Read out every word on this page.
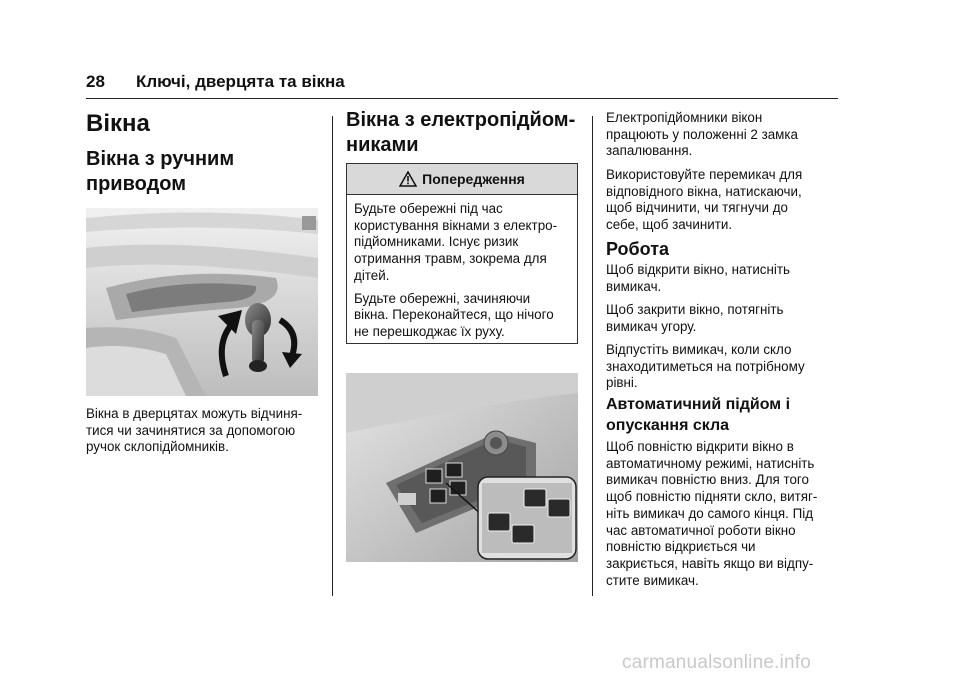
28 Ключі, дверцята та вікна
Вікна
Вікна з ручним
приводом

Вікна в дверцятах можуть відчиня-
тися чи зачинятися за допомогою
ручок склопідйомників.

Вікна з електропідйом-
никами
Попередження

Будьте обережні під час
користування вікнами з електро-
підйомниками. Існує ризик
отримання травм, зокрема для
дітей.

Будьте обережні, зачиняючи
вікна. Переконайтеся, що нічого
не перешкоджає їх руху.

Електропідйомники вікон
працюють у положенні 2 замка
запалювання.

Використовуйте перемикач для
відповідного вікна, натискаючи,
щоб відчинити, чи тягнучи до
себе, щоб зачинити.

Робота

Щоб відкрити вікно, натисніть
вимикач.

Щоб закрити вікно, потягніть
вимикач угору.

Відпустіть вимикач, коли скло
знаходитиметься на потрібному
рівні.

Автоматичний підйом і
опускання скла

Щоб повністю відкрити вікно в
автоматичному режимі, натисніть
вимикач повністю вниз. Для того
щоб повністю підняти скло, витяг-
ніть вимикач до самого кінця. Під
час автоматичної роботи вікно
повністю відкриється чи
закриється, навіть якщо ви відпу-
стите вимикач.

carmanualsonline.info
